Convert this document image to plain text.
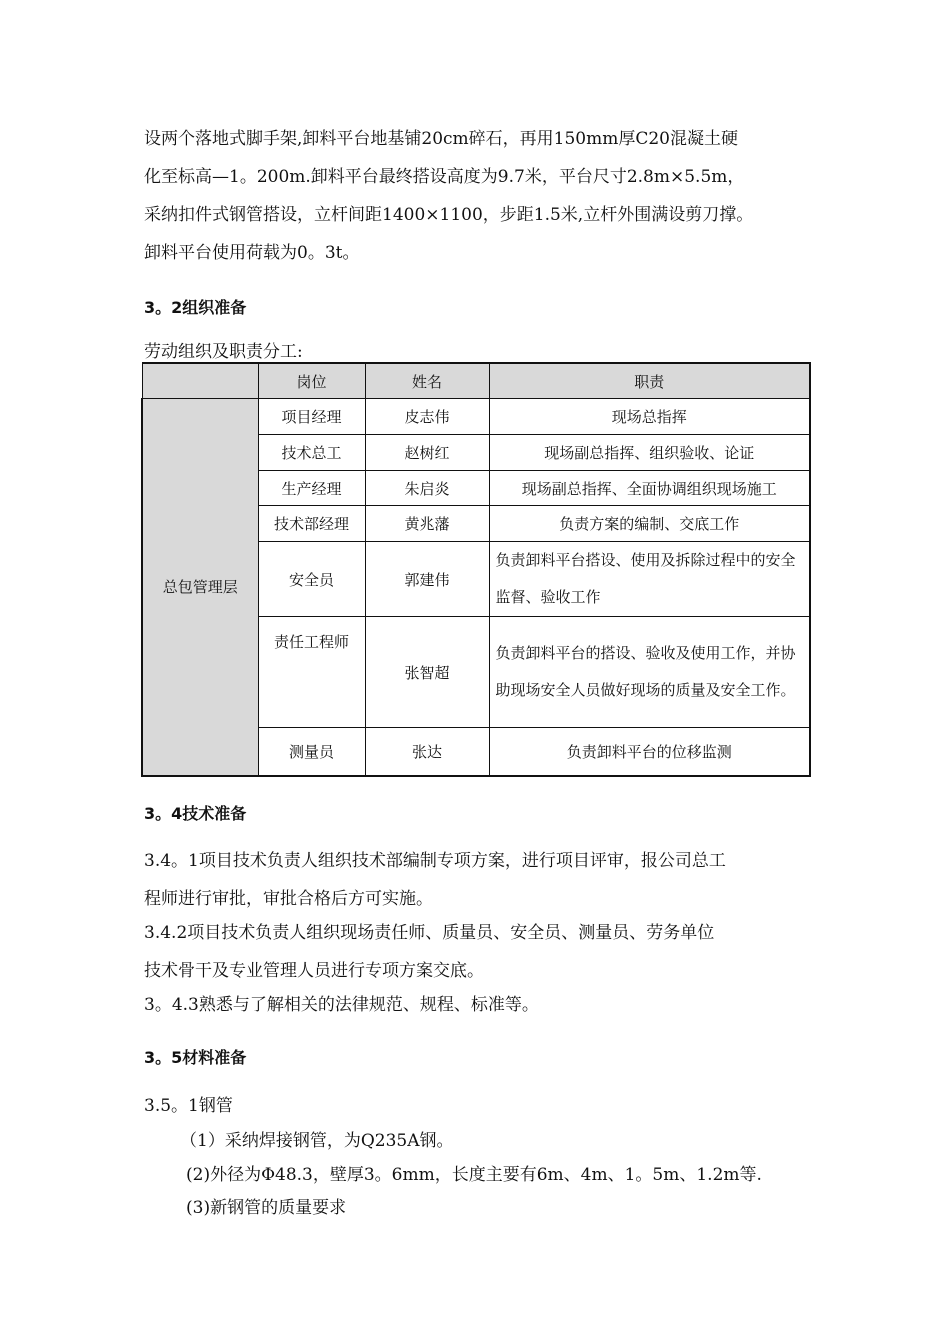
设两个落地式脚手架,卸料平台地基铺20cm碎石，再用150mm厚C20混凝土硬

化至标高—1。200m.卸料平台最终搭设高度为9.7米，平台尺寸2.8m×5.5m，

采纳扣件式钢管搭设，立杆间距1400×1100，步距1.5米,立杆外围满设剪刀撑。

卸料平台使用荷载为0。3t。

3。2组织准备

劳动组织及职责分工:

	岗位	姓名	职责
总包管理层	项目经理	皮志伟	现场总指挥
	技术总工	赵树红	现场副总指挥、组织验收、论证
	生产经理	朱启炎	现场副总指挥、全面协调组织现场施工
	技术部经理	黄兆藩	负责方案的编制、交底工作
	安全员	郭建伟	负责卸料平台搭设、使用及拆除过程中的安全监督、验收工作
	责任工程师	张智超	负责卸料平台的搭设、验收及使用工作，并协助现场安全人员做好现场的质量及安全工作。
	测量员	张达	负责卸料平台的位移监测

3。4技术准备

3.4。1项目技术负责人组织技术部编制专项方案，进行项目评审，报公司总工

程师进行审批，审批合格后方可实施。

3.4.2项目技术负责人组织现场责任师、质量员、安全员、测量员、劳务单位

技术骨干及专业管理人员进行专项方案交底。

3。4.3熟悉与了解相关的法律规范、规程、标准等。

3。5材料准备

3.5。1钢管

（1）采纳焊接钢管，为Q235A钢。

(2)外径为Φ48.3，壁厚3。6mm，长度主要有6m、4m、1。5m、1.2m等.

(3)新钢管的质量要求
